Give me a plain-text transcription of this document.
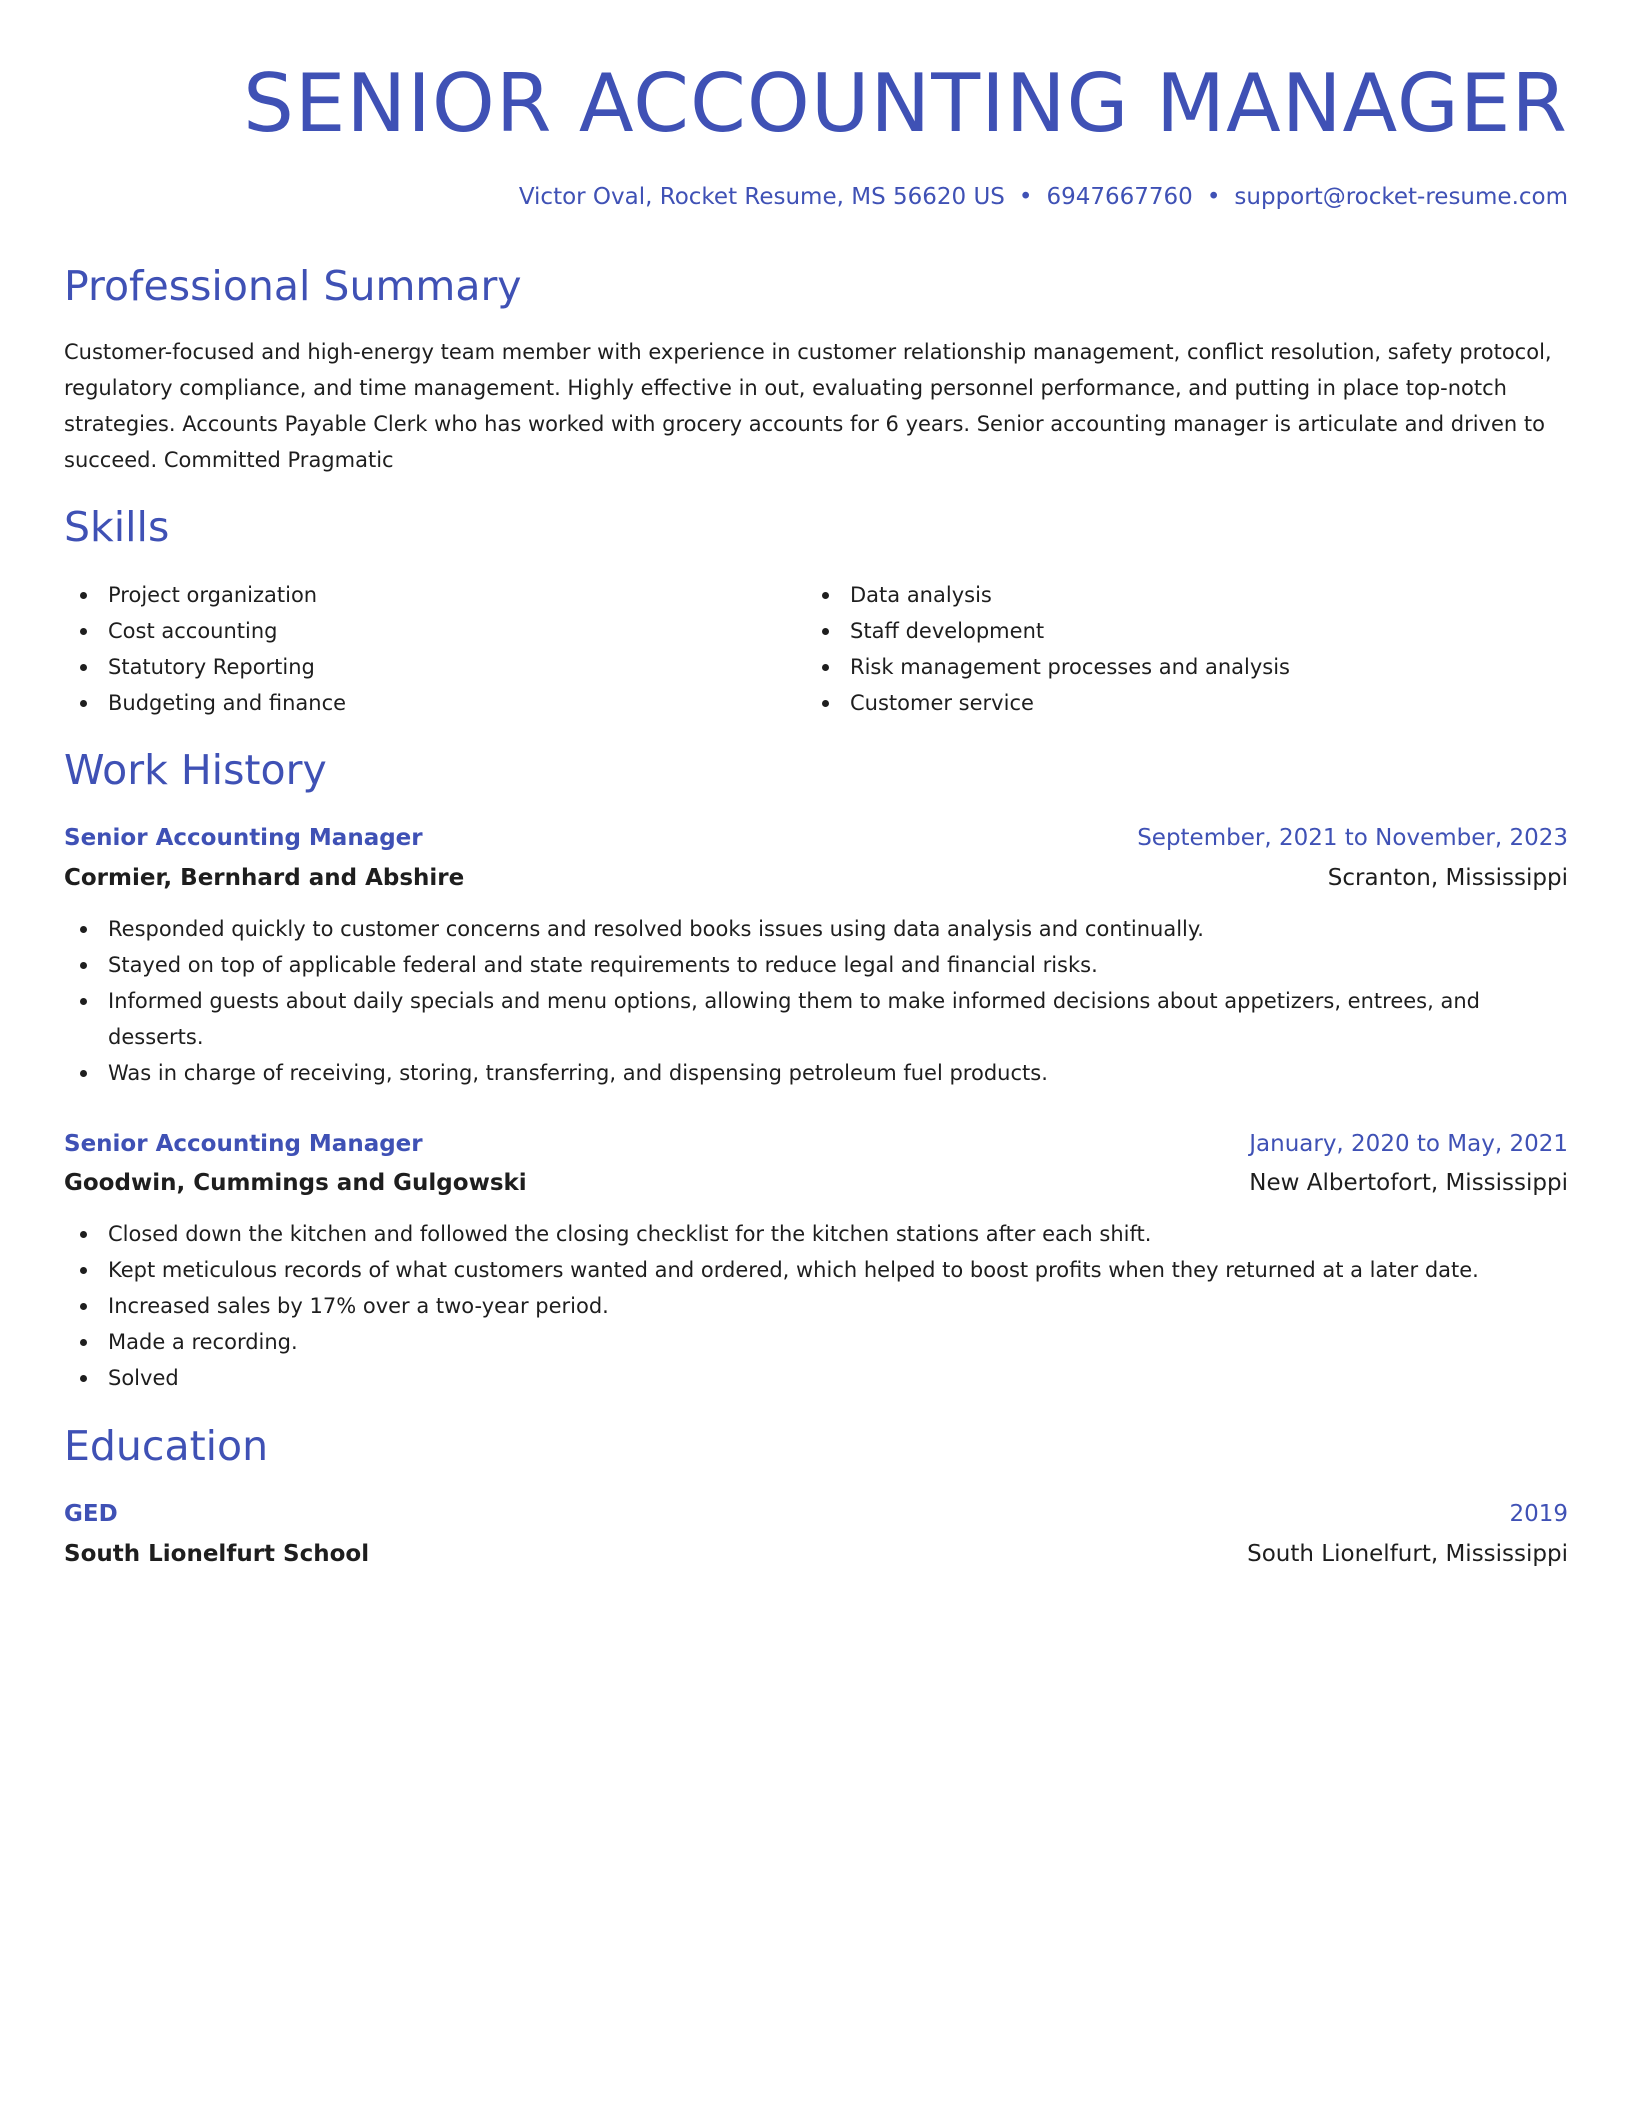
SENIOR ACCOUNTING MANAGER
Victor Oval, Rocket Resume, MS 56620 US • 6947667760 • support@rocket-resume.com
Professional Summary

Customer-focused and high-energy team member with experience in customer relationship management, conflict resolution, safety protocol, regulatory compliance, and time management. Highly effective in out, evaluating personnel performance, and putting in place top-notch strategies. Accounts Payable Clerk who has worked with grocery accounts for 6 years. Senior accounting manager is articulate and driven to succeed. Committed Pragmatic

Skills
Project organization
Cost accounting
Statutory Reporting
Budgeting and finance
Data analysis
Staff development
Risk management processes and analysis
Customer service
Work History
Senior Accounting Manager	September, 2021 to November, 2023
Cormier, Bernhard and Abshire	Scranton, Mississippi
Responded quickly to customer concerns and resolved books issues using data analysis and continually.
Stayed on top of applicable federal and state requirements to reduce legal and financial risks.
Informed guests about daily specials and menu options, allowing them to make informed decisions about appetizers, entrees, and desserts.
Was in charge of receiving, storing, transferring, and dispensing petroleum fuel products.
Senior Accounting Manager	January, 2020 to May, 2021
Goodwin, Cummings and Gulgowski	New Albertofort, Mississippi
Closed down the kitchen and followed the closing checklist for the kitchen stations after each shift.
Kept meticulous records of what customers wanted and ordered, which helped to boost profits when they returned at a later date.
Increased sales by 17% over a two-year period.
Made a recording.
Solved
Education
GED	2019
South Lionelfurt School	South Lionelfurt, Mississippi
